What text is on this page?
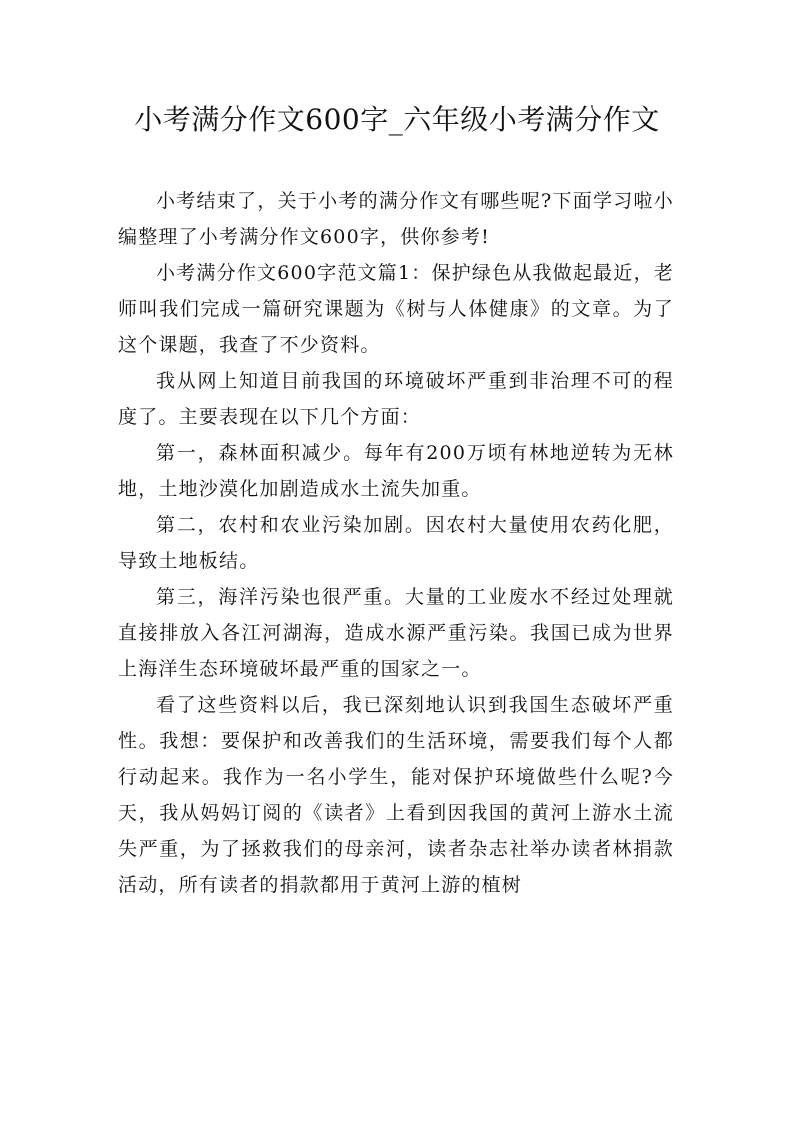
小考满分作文600字_六年级小考满分作文

小考结束了，关于小考的满分作文有哪些呢?下面学习啦小编整理了小考满分作文600字，供你参考!

小考满分作文600字范文篇1：保护绿色从我做起最近，老师叫我们完成一篇研究课题为《树与人体健康》的文章。为了这个课题，我查了不少资料。

我从网上知道目前我国的环境破坏严重到非治理不可的程度了。主要表现在以下几个方面：

第一，森林面积减少。每年有200万顷有林地逆转为无林地，土地沙漠化加剧造成水土流失加重。

第二，农村和农业污染加剧。因农村大量使用农药化肥，导致土地板结。

第三，海洋污染也很严重。大量的工业废水不经过处理就直接排放入各江河湖海，造成水源严重污染。我国已成为世界上海洋生态环境破坏最严重的国家之一。

看了这些资料以后，我已深刻地认识到我国生态破坏严重性。我想：要保护和改善我们的生活环境，需要我们每个人都行动起来。我作为一名小学生，能对保护环境做些什么呢?今天，我从妈妈订阅的《读者》上看到因我国的黄河上游水土流失严重，为了拯救我们的母亲河，读者杂志社举办读者林捐款活动，所有读者的捐款都用于黄河上游的植树
